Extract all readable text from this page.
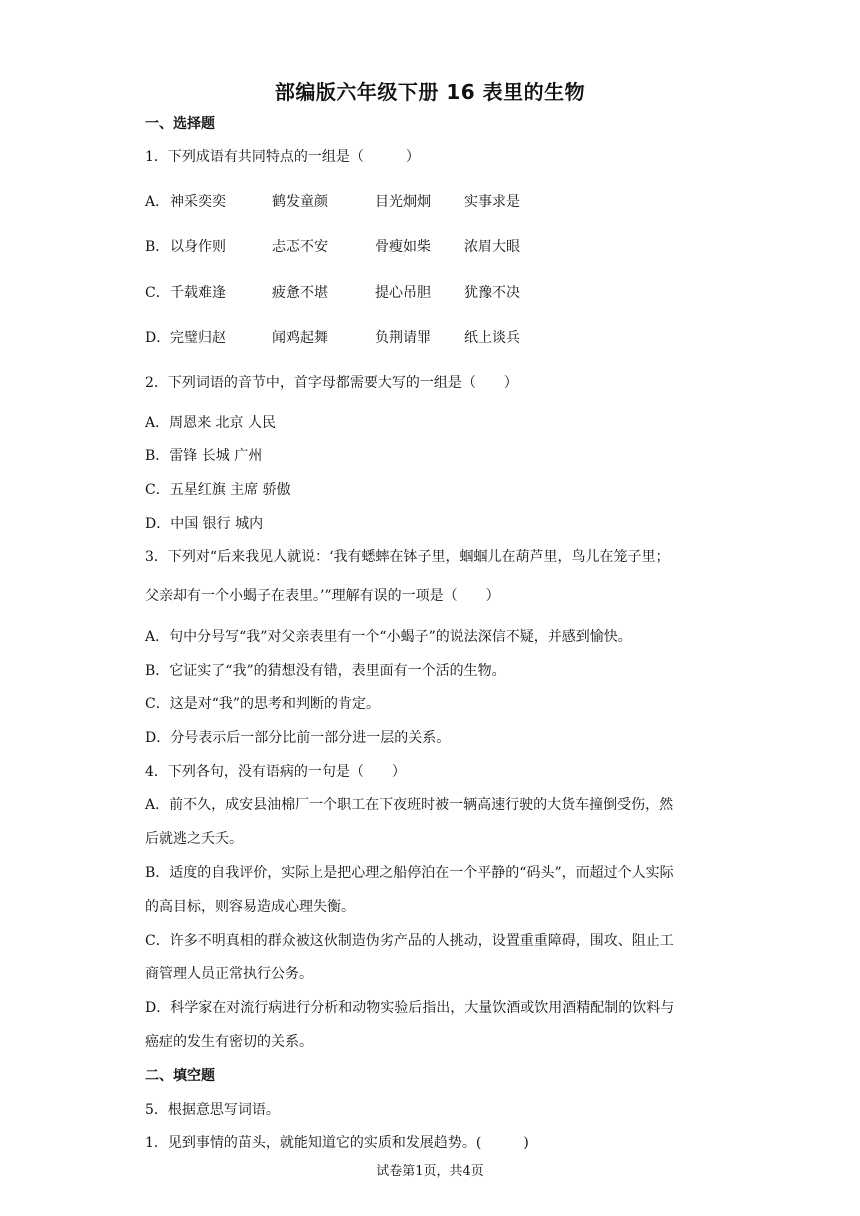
部编版六年级下册 16 表里的生物
一、选择题
1．下列成语有共同特点的一组是（　　　）
A． 神采奕奕	鹤发童颜	目光炯炯 实事求是
B． 以身作则	忐忑不安	骨瘦如柴 浓眉大眼
C． 千载难逢	疲惫不堪	提心吊胆 犹豫不决
D． 完璧归赵	闻鸡起舞	负荆请罪 纸上谈兵
2．下列词语的音节中，首字母都需要大写的一组是（　　）
A．周恩来 北京 人民
B．雷锋 长城 广州
C．五星红旗 主席 骄傲
D．中国 银行 城内
3．下列对“后来我见人就说：‘我有蟋蟀在钵子里，蝈蝈儿在葫芦里，鸟儿在笼子里；
父亲却有一个小蝎子在表里。’”理解有误的一项是（　　）
A．句中分号写“我”对父亲表里有一个“小蝎子”的说法深信不疑，并感到愉快。
B．它证实了“我”的猜想没有错，表里面有一个活的生物。
C．这是对“我”的思考和判断的肯定。
D．分号表示后一部分比前一部分进一层的关系。
4．下列各句，没有语病的一句是（　　）
A．前不久，成安县油棉厂一个职工在下夜班时被一辆高速行驶的大货车撞倒受伤，然
后就逃之夭夭。
B．适度的自我评价，实际上是把心理之船停泊在一个平静的“码头”，而超过个人实际
的高目标，则容易造成心理失衡。
C．许多不明真相的群众被这伙制造伪劣产品的人挑动，设置重重障碍，围攻、阻止工
商管理人员正常执行公务。
D．科学家在对流行病进行分析和动物实验后指出，大量饮酒或饮用酒精配制的饮料与
癌症的发生有密切的关系。
二、填空题
5．根据意思写词语。
1．见到事情的苗头，就能知道它的实质和发展趋势。(　　　)
试卷第1页，共4页
